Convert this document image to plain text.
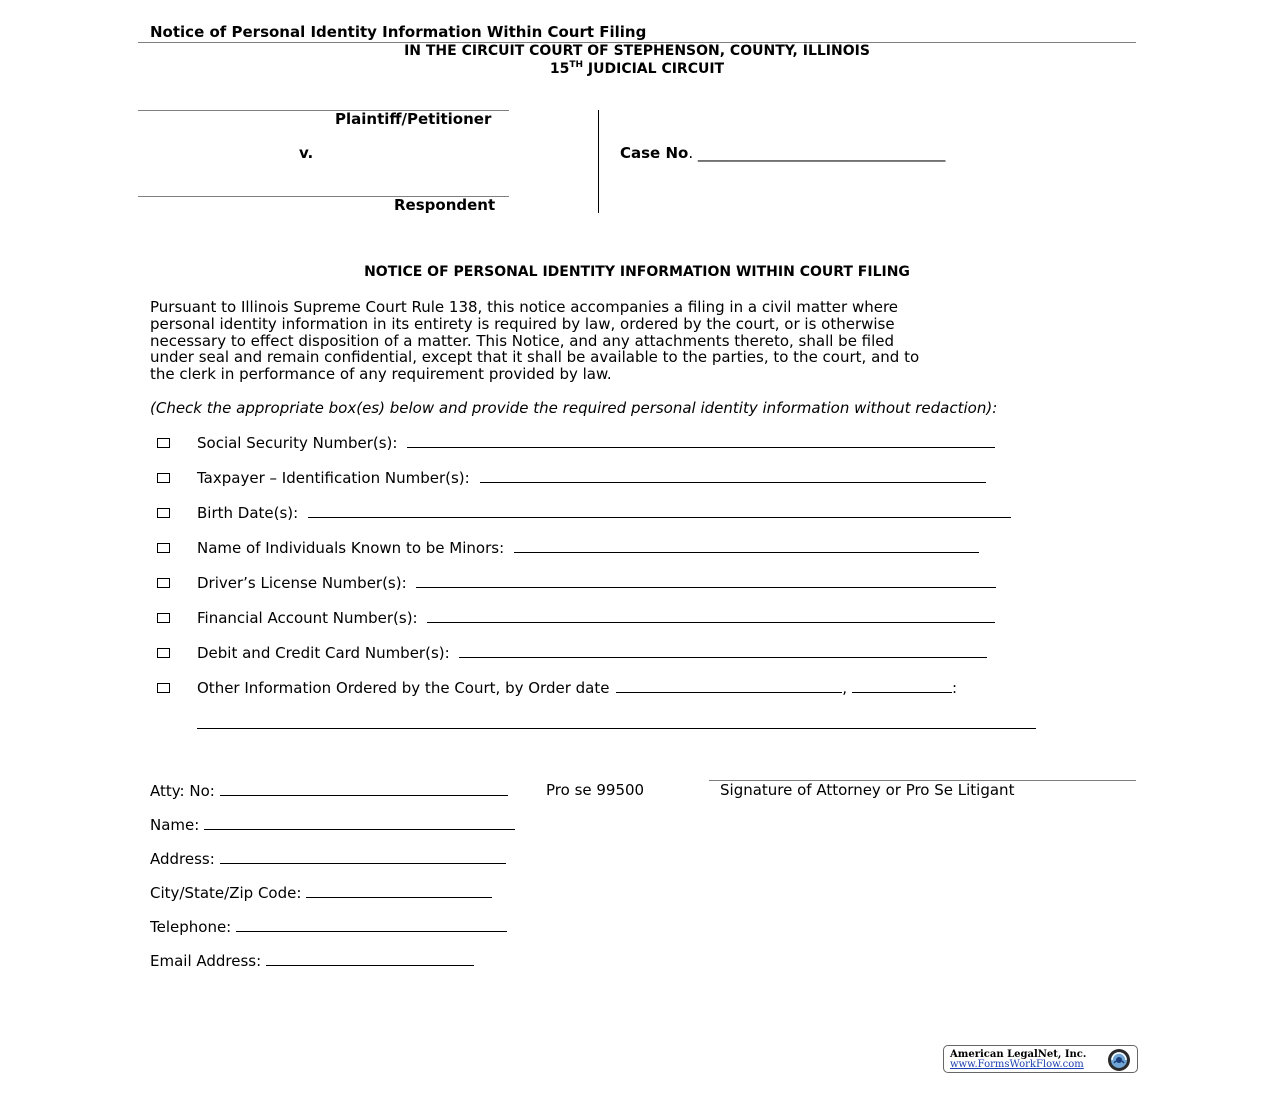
Notice of Personal Identity Information Within Court Filing
IN THE CIRCUIT COURT OF STEPHENSON, COUNTY, ILLINOIS
15TH JUDICIAL CIRCUIT
Plaintiff/Petitioner
v.
Respondent
Case No. _________________________________
NOTICE OF PERSONAL IDENTITY INFORMATION WITHIN COURT FILING
Pursuant to Illinois Supreme Court Rule 138, this notice accompanies a filing in a civil matter where
personal identity information in its entirety is required by law, ordered by the court, or is otherwise
necessary to effect disposition of a matter. This Notice, and any attachments thereto, shall be filed
under seal and remain confidential, except that it shall be available to the parties, to the court, and to
the clerk in performance of any requirement provided by law.
(Check the appropriate box(es) below and provide the required personal identity information without redaction):
Social Security Number(s):
Taxpayer – Identification Number(s):
Birth Date(s):
Name of Individuals Known to be Minors:
Driver’s License Number(s):
Financial Account Number(s):
Debit and Credit Card Number(s):
Other Information Ordered by the Court, by Order date	,	:
Atty: No:	Pro se 99500	Signature of Attorney or Pro Se Litigant
Name:
Address:
City/State/Zip Code:
Telephone:
Email Address:
American LegalNet, Inc.
www.FormsWorkFlow.com
